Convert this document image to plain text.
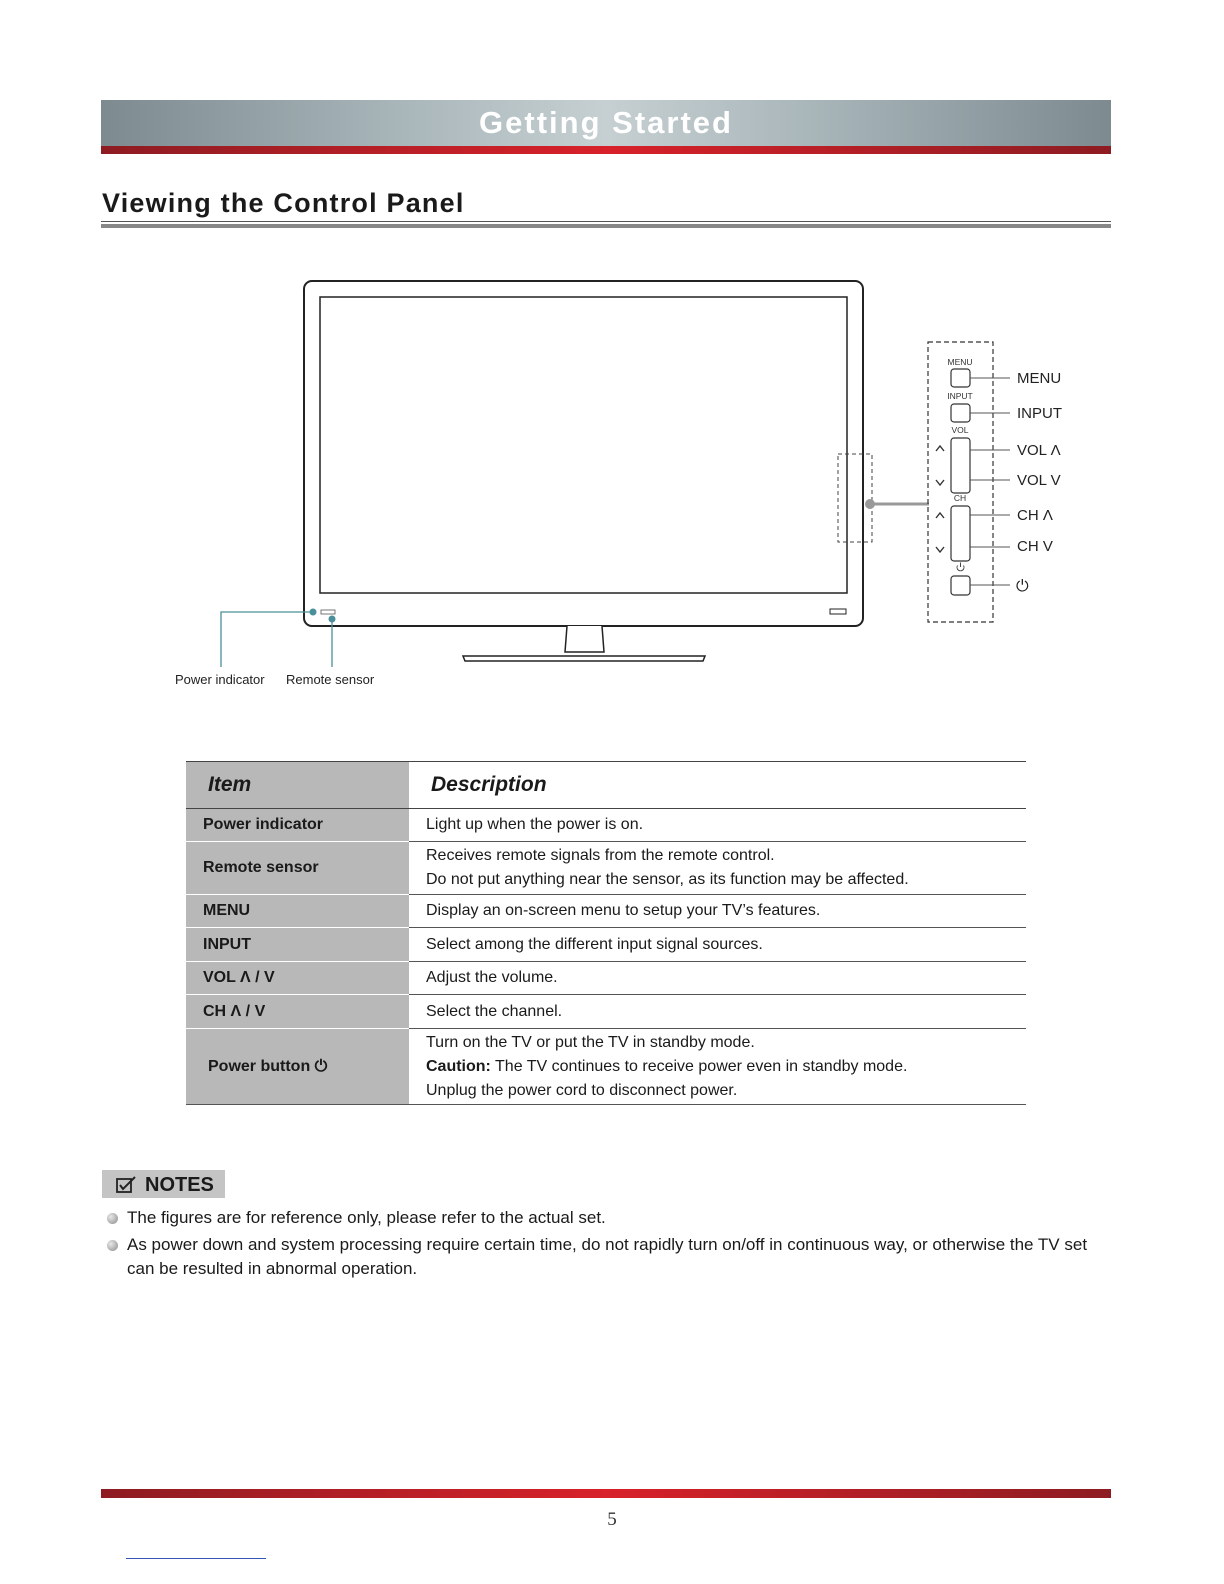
Getting Started
Viewing the Control Panel
MENU
INPUT
VOL
CH
MENU
INPUT
VOL Λ
VOL V
CH Λ
CH V
⏻
Power indicator Remote sensor
Item	Description
Power indicator	Light up when the power is on.

Remote sensor	Receives remote signals from the remote control.
Do not put anything near the sensor, as its function may be affected.

MENU	Display an on-screen menu to setup your TV’s features.

INPUT	Select among the different input signal sources.

VOL Λ / V	Adjust the volume.

CH Λ / V	Select the channel.

Power button ⏻	Turn on the TV or put the TV in standby mode.
Caution: The TV continues to receive power even in standby mode.
Unplug the power cord to disconnect power.
NOTES
The figures are for reference only, please refer to the actual set.
As power down and system processing require certain time, do not rapidly turn on/off in continuous way, or otherwise the TV set can be resulted in abnormal operation.
5
